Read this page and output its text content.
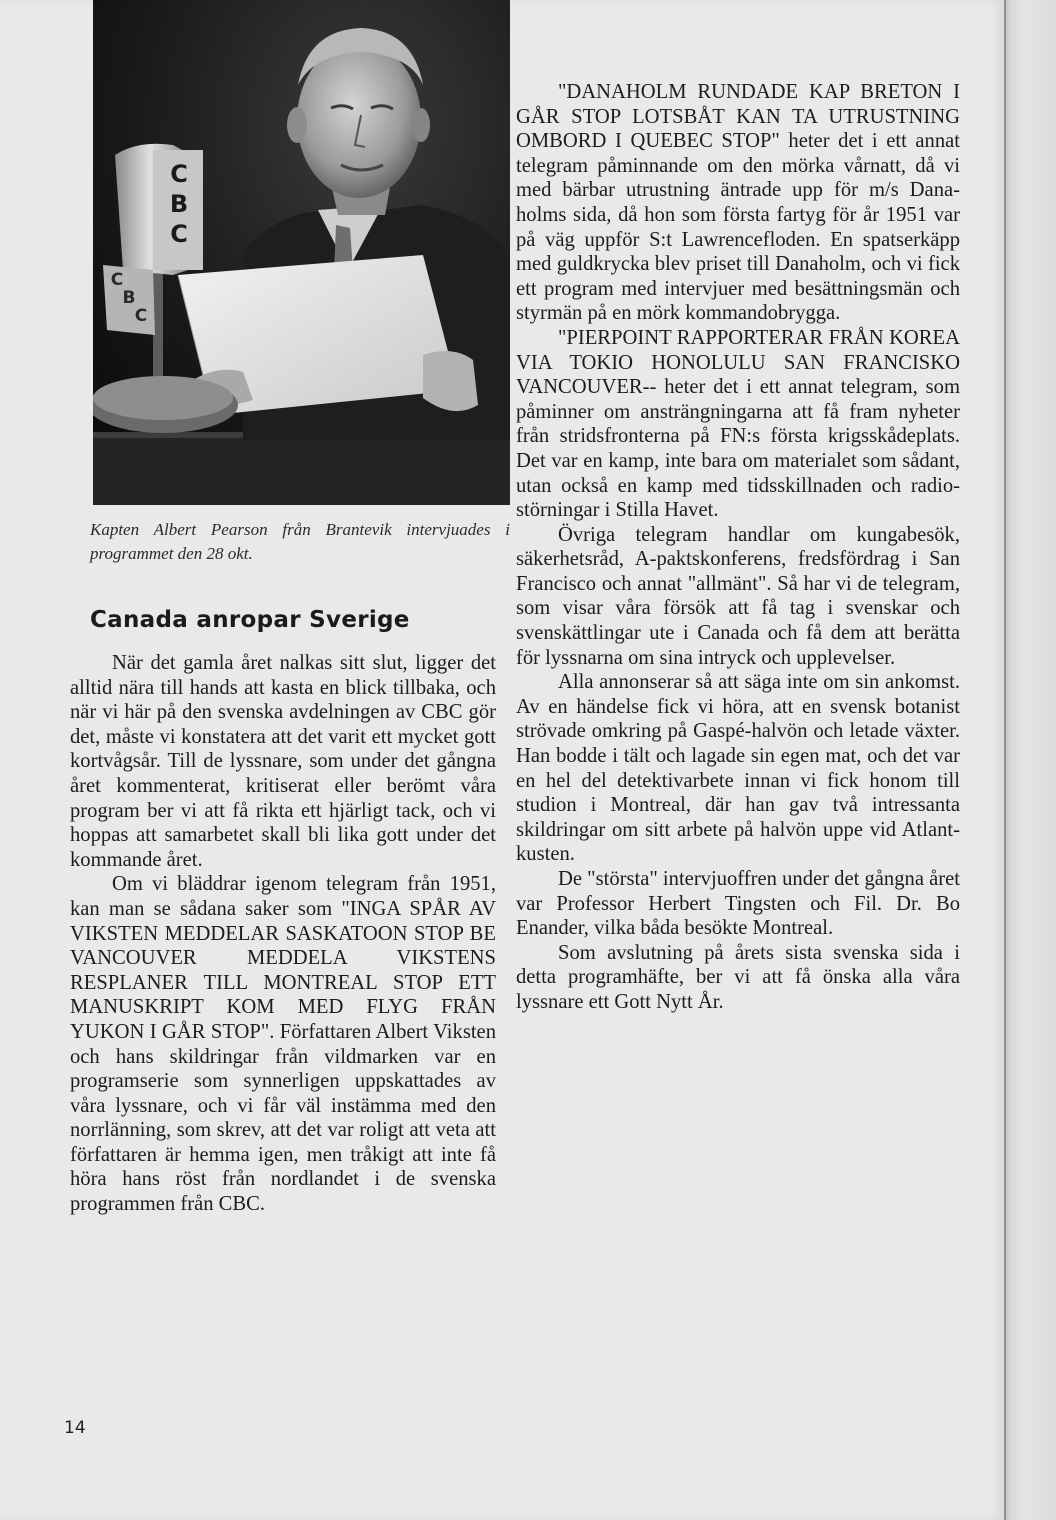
C
B
C
C
B
C

Kapten Albert Pearson från Brantevik intervjuades i programmet den 28 okt.

Canada anropar Sverige

När det gamla året nalkas sitt slut, ligger det alltid nära till hands att kasta en blick tillbaka, och när vi här på den svenska avdelningen av CBC gör det, måste vi konstatera att det varit ett mycket gott kortvågsår. Till de lyssnare, som under det gångna året kommenterat, kritiserat eller berömt våra program ber vi att få rikta ett hjärligt tack, och vi hoppas att samarbetet skall bli lika gott under det kommande året.

Om vi bläddrar igenom telegram från 1951, kan man se sådana saker som "INGA SPÅR AV VIKSTEN MEDDELAR SASKATOON STOP BE VANCOUVER MEDDELA VIKSTENS RESPLANER TILL MONTREAL STOP ETT MANUSKRIPT KOM MED FLYG FRÅN YUKON I GÅR STOP". Författaren Albert Viksten och hans skildringar från vildmarken var en programserie som synnerligen uppskattades av våra lyssnare, och vi får väl instämma med den norrlänning, som skrev, att det var roligt att veta att författaren är hemma igen, men tråkigt att inte få höra hans röst från nordlandet i de svenska programmen från CBC.

"DANAHOLM RUNDADE KAP BRETON I GÅR STOP LOTSBÅT KAN TA UTRUSTNING OMBORD I QUEBEC STOP" heter det i ett annat telegram påminnande om den mörka vårnatt, då vi med bärbar utrustning äntrade upp för m/s Danaholms sida, då hon som första fartyg för år 1951 var på väg uppför S:t Lawrencefloden. En spatserkäpp med guldkrycka blev priset till Danaholm, och vi fick ett program med intervjuer med besättningsmän och styrmän på en mörk kommandobrygga.

"PIERPOINT RAPPORTERAR FRÅN KOREA VIA TOKIO HONOLULU SAN FRANCISKO VANCOUVER-- heter det i ett annat telegram, som påminner om ansträngningarna att få fram nyheter från stridsfronterna på FN:s första krigsskådeplats. Det var en kamp, inte bara om materialet som sådant, utan också en kamp med tidsskillnaden och radiostörningar i Stilla Havet.

Övriga telegram handlar om kungabesök, säkerhetsråd, A-paktskonferens, fredsfördrag i San Francisco och annat "allmänt". Så har vi de telegram, som visar våra försök att få tag i svenskar och svenskättlingar ute i Canada och få dem att berätta för lyssnarna om sina intryck och upplevelser.

Alla annonserar så att säga inte om sin ankomst. Av en händelse fick vi höra, att en svensk botanist strövade omkring på Gaspé-halvön och letade växter. Han bodde i tält och lagade sin egen mat, och det var en hel del detektivarbete innan vi fick honom till studion i Montreal, där han gav två intressanta skildringar om sitt arbete på halvön uppe vid Atlantkusten.

De "största" intervjuoffren under det gångna året var Professor Herbert Tingsten och Fil. Dr. Bo Enander, vilka båda besökte Montreal.

Som avslutning på årets sista svenska sida i detta programhäfte, ber vi att få önska alla våra lyssnare ett Gott Nytt År.

14
